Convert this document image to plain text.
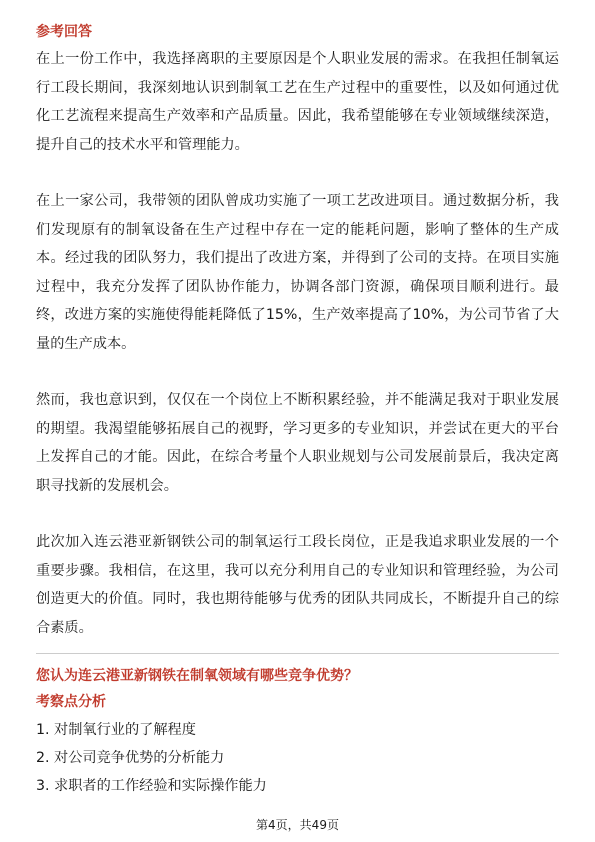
参考回答

在上一份工作中，我选择离职的主要原因是个人职业发展的需求。在我担任制氧运行工段长期间，我深刻地认识到制氧工艺在生产过程中的重要性，以及如何通过优化工艺流程来提高生产效率和产品质量。因此，我希望能够在专业领域继续深造，提升自己的技术水平和管理能力。

在上一家公司，我带领的团队曾成功实施了一项工艺改进项目。通过数据分析，我们发现原有的制氧设备在生产过程中存在一定的能耗问题，影响了整体的生产成本。经过我的团队努力，我们提出了改进方案，并得到了公司的支持。在项目实施过程中，我充分发挥了团队协作能力，协调各部门资源，确保项目顺利进行。最终，改进方案的实施使得能耗降低了15%，生产效率提高了10%，为公司节省了大量的生产成本。

然而，我也意识到，仅仅在一个岗位上不断积累经验，并不能满足我对于职业发展的期望。我渴望能够拓展自己的视野，学习更多的专业知识，并尝试在更大的平台上发挥自己的才能。因此，在综合考量个人职业规划与公司发展前景后，我决定离职寻找新的发展机会。

此次加入连云港亚新钢铁公司的制氧运行工段长岗位，正是我追求职业发展的一个重要步骤。我相信，在这里，我可以充分利用自己的专业知识和管理经验，为公司创造更大的价值。同时，我也期待能够与优秀的团队共同成长，不断提升自己的综合素质。

您认为连云港亚新钢铁在制氧领域有哪些竞争优势？
考察点分析
1. 对制氧行业的了解程度
2. 对公司竞争优势的分析能力
3. 求职者的工作经验和实际操作能力
第4页，共49页
